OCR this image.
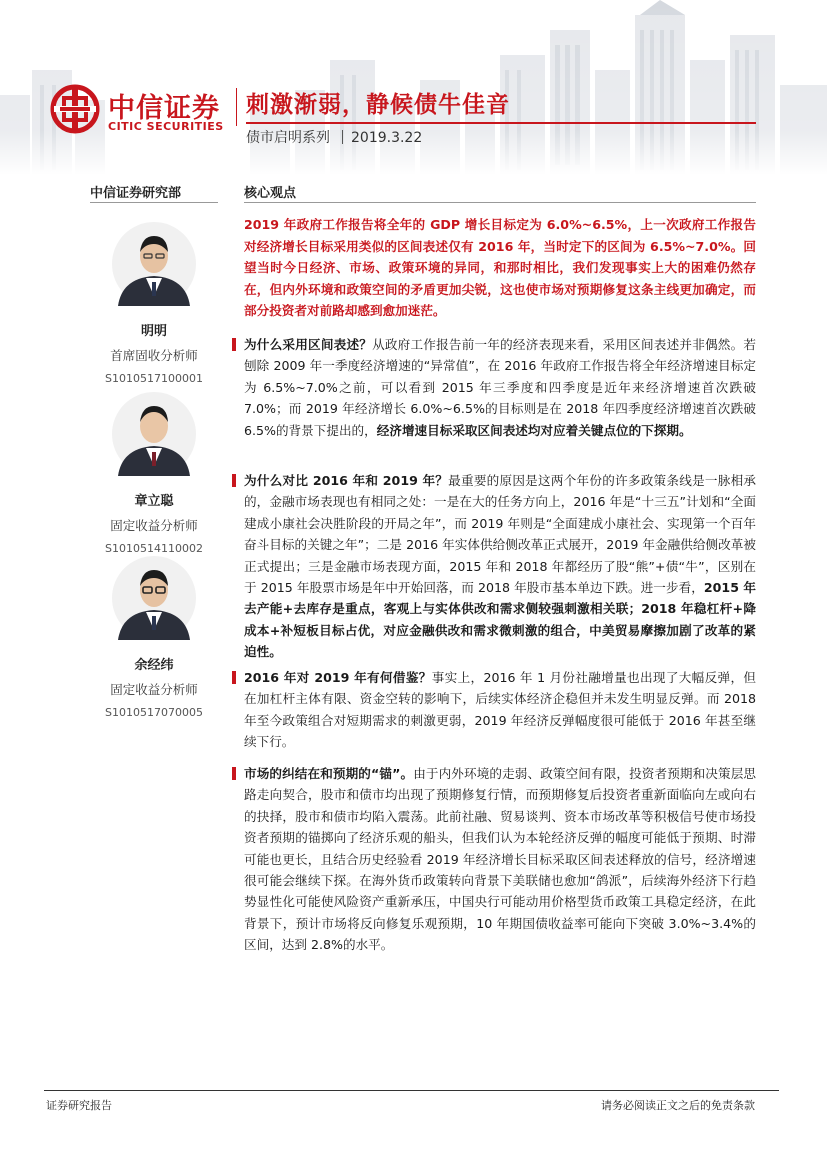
中信证券
CITIC SECURITIES
刺激渐弱，静候债牛佳音
债市启明系列 2019.3.22
中信证券研究部
明明
首席固收分析师
S1010517100001
章立聪
固定收益分析师
S1010514110002
余经纬
固定收益分析师
S1010517070005
核心观点
2019 年政府工作报告将全年的 GDP 增长目标定为 6.0%~6.5%，上一次政府工作报告对经济增长目标采用类似的区间表述仅有 2016 年，当时定下的区间为 6.5%~7.0%。回望当时今日经济、市场、政策环境的异同，和那时相比，我们发现事实上大的困难仍然存在，但内外环境和政策空间的矛盾更加尖锐，这也使市场对预期修复这条主线更加确定，而部分投资者对前路却感到愈加迷茫。
为什么采用区间表述？从政府工作报告前一年的经济表现来看，采用区间表述并非偶然。若刨除 2009 年一季度经济增速的“异常值”，在 2016 年政府工作报告将全年经济增速目标定为 6.5%~7.0%之前，可以看到 2015 年三季度和四季度是近年来经济增速首次跌破 7.0%；而 2019 年经济增长 6.0%~6.5%的目标则是在 2018 年四季度经济增速首次跌破 6.5%的背景下提出的，经济增速目标采取区间表述均对应着关键点位的下探期。
为什么对比 2016 年和 2019 年？最重要的原因是这两个年份的许多政策条线是一脉相承的，金融市场表现也有相同之处：一是在大的任务方向上，2016 年是“十三五”计划和“全面建成小康社会决胜阶段的开局之年”，而 2019 年则是“全面建成小康社会、实现第一个百年奋斗目标的关键之年”；二是 2016 年实体供给侧改革正式展开，2019 年金融供给侧改革被正式提出；三是金融市场表现方面，2015 年和 2018 年都经历了股“熊”+债“牛”，区别在于 2015 年股票市场是年中开始回落，而 2018 年股市基本单边下跌。进一步看，2015 年去产能+去库存是重点，客观上与实体供改和需求侧较强刺激相关联；2018 年稳杠杆+降成本+补短板目标占优，对应金融供改和需求微刺激的组合，中美贸易摩擦加剧了改革的紧迫性。
2016 年对 2019 年有何借鉴？事实上，2016 年 1 月份社融增量也出现了大幅反弹，但在加杠杆主体有限、资金空转的影响下，后续实体经济企稳但并未发生明显反弹。而 2018 年至今政策组合对短期需求的刺激更弱，2019 年经济反弹幅度很可能低于 2016 年甚至继续下行。
市场的纠结在和预期的“锚”。由于内外环境的走弱、政策空间有限，投资者预期和决策层思路走向契合，股市和债市均出现了预期修复行情，而预期修复后投资者重新面临向左或向右的抉择，股市和债市均陷入震荡。此前社融、贸易谈判、资本市场改革等积极信号使市场投资者预期的锚掷向了经济乐观的船头，但我们认为本轮经济反弹的幅度可能低于预期、时滞可能也更长，且结合历史经验看 2019 年经济增长目标采取区间表述释放的信号，经济增速很可能会继续下探。在海外货币政策转向背景下美联储也愈加“鸽派”，后续海外经济下行趋势显性化可能使风险资产重新承压，中国央行可能动用价格型货币政策工具稳定经济，在此背景下，预计市场将反向修复乐观预期，10 年期国债收益率可能向下突破 3.0%~3.4%的区间，达到 2.8%的水平。
证券研究报告	请务必阅读正文之后的免责条款
